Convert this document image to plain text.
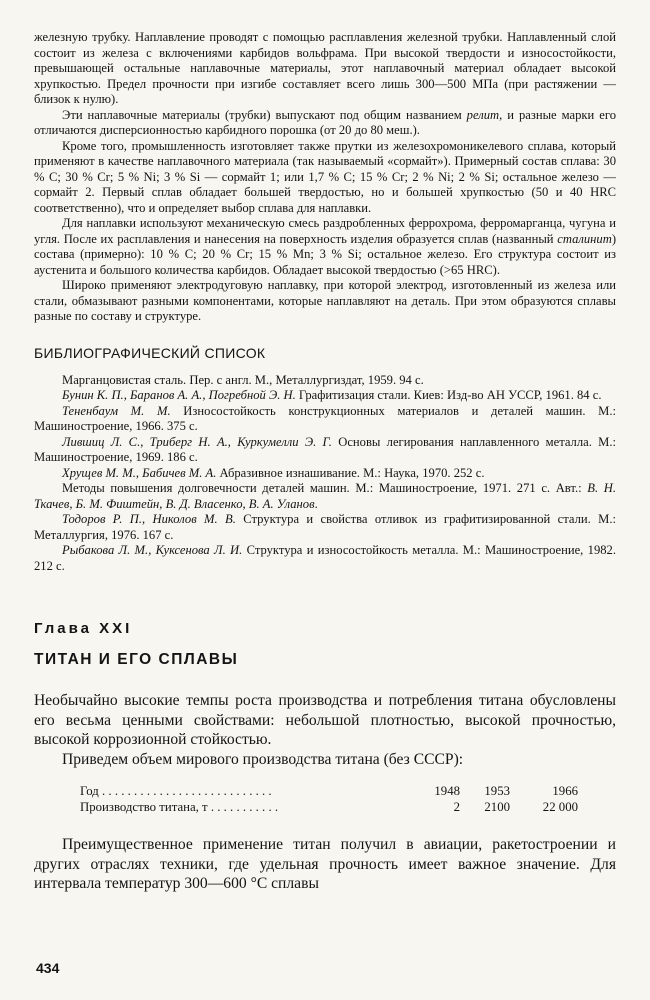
железную трубку. Наплавление проводят с помощью расплавления железной трубки. Наплавленный слой состоит из железа с включениями карбидов вольфрама. При высокой твердости и износостойкости, превышающей остальные наплавочные материалы, этот наплавочный материал обладает высокой хрупкостью. Предел прочности при изгибе составляет всего лишь 300—500 МПа (при растяжении — близок к нулю).

Эти наплавочные материалы (трубки) выпускают под общим названием релит, и разные марки его отличаются дисперсионностью карбидного порошка (от 20 до 80 меш.).

Кроме того, промышленность изготовляет также прутки из железохромоникелевого сплава, который применяют в качестве наплавочного материала (так называемый «сормайт»). Примерный состав сплава: 30 % С; 30 % Cr; 5 % Ni; 3 % Si — сормайт 1; или 1,7 % С; 15 % Cr; 2 % Ni; 2 % Si; остальное железо — сормайт 2. Первый сплав обладает большей твердостью, но и большей хрупкостью (50 и 40 HRC соответственно), что и определяет выбор сплава для наплавки.

Для наплавки используют механическую смесь раздробленных феррохрома, ферромарганца, чугуна и угля. После их расплавления и нанесения на поверхность изделия образуется сплав (названный сталинит) состава (примерно): 10 % С; 20 % Cr; 15 % Mn; 3 % Si; остальное железо. Его структура состоит из аустенита и большого количества карбидов. Обладает высокой твердостью (>65 HRC).

Широко применяют электродуговую наплавку, при которой электрод, изготовленный из железа или стали, обмазывают разными компонентами, которые наплавляют на деталь. При этом образуются сплавы разные по составу и структуре.

БИБЛИОГРАФИЧЕСКИЙ СПИСОК

Марганцовистая сталь. Пер. с англ. М., Металлургиздат, 1959. 94 с.

Бунин К. П., Баранов А. А., Погребной Э. Н. Графитизация стали. Киев: Изд-во АН УССР, 1961. 84 с.

Тененбаум М. М. Износостойкость конструкционных материалов и деталей машин. М.: Машиностроение, 1966. 375 с.

Лившиц Л. С., Триберг Н. А., Куркумелли Э. Г. Основы легирования наплавленного металла. М.: Машиностроение, 1969. 186 с.

Хрущев М. М., Бабичев М. А. Абразивное изнашивание. М.: Наука, 1970. 252 с.

Методы повышения долговечности деталей машин. М.: Машиностроение, 1971. 271 с. Авт.: В. Н. Ткачев, Б. М. Фиштейн, В. Д. Власенко, В. А. Уланов.

Тодоров Р. П., Николов М. В. Структура и свойства отливок из графитизированной стали. М.: Металлургия, 1976. 167 с.

Рыбакова Л. М., Куксенова Л. И. Структура и износостойкость металла. М.: Машиностроение, 1982. 212 с.

Глава XXI
ТИТАН И ЕГО СПЛАВЫ

Необычайно высокие темпы роста производства и потребления титана обусловлены его весьма ценными свойствами: небольшой плотностью, высокой прочностью, высокой коррозионной стойкостью.

Приведем объем мирового производства титана (без СССР):

Год . . . . . . . . . . . . . . . . . . . . . . . . . . .	1948	1953	1966
Производство титана, т . . . . . . . . . . .	2	2100	22 000

Преимущественное применение титан получил в авиации, ракетостроении и других отраслях техники, где удельная прочность имеет важное значение. Для интервала температур 300—600 °С сплавы

434
